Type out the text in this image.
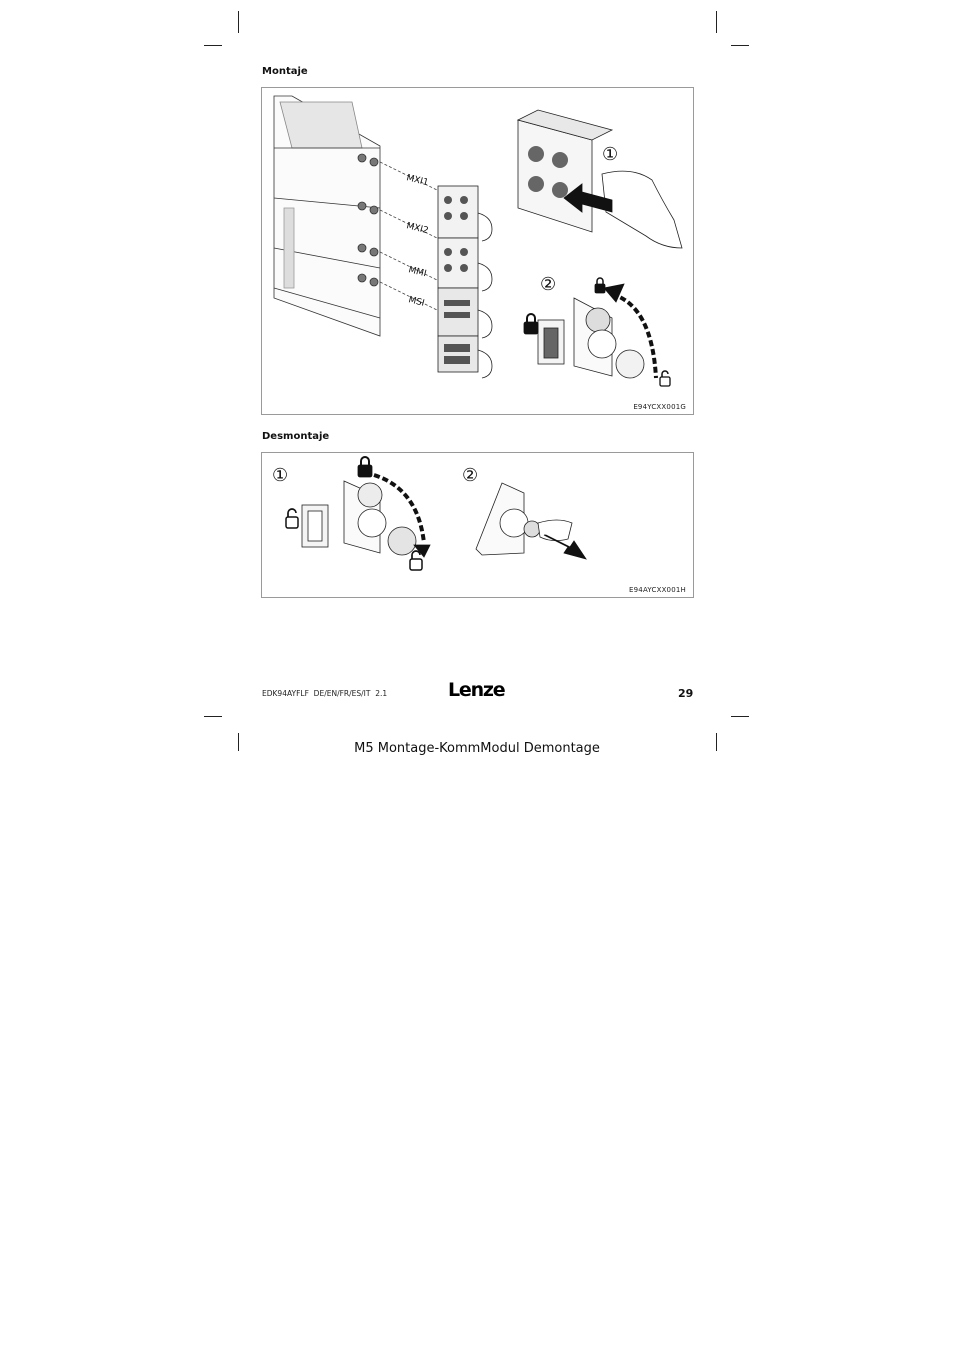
Montaje
MXI1
MXI2
MMI
MSI
①
②
E94YCXX001G
Desmontaje
①	②
E94AYCXX001H
EDK94AYFLF  DE/EN/FR/ES/IT  2.1	Lenze	29
M5 Montage-KommModul Demontage
